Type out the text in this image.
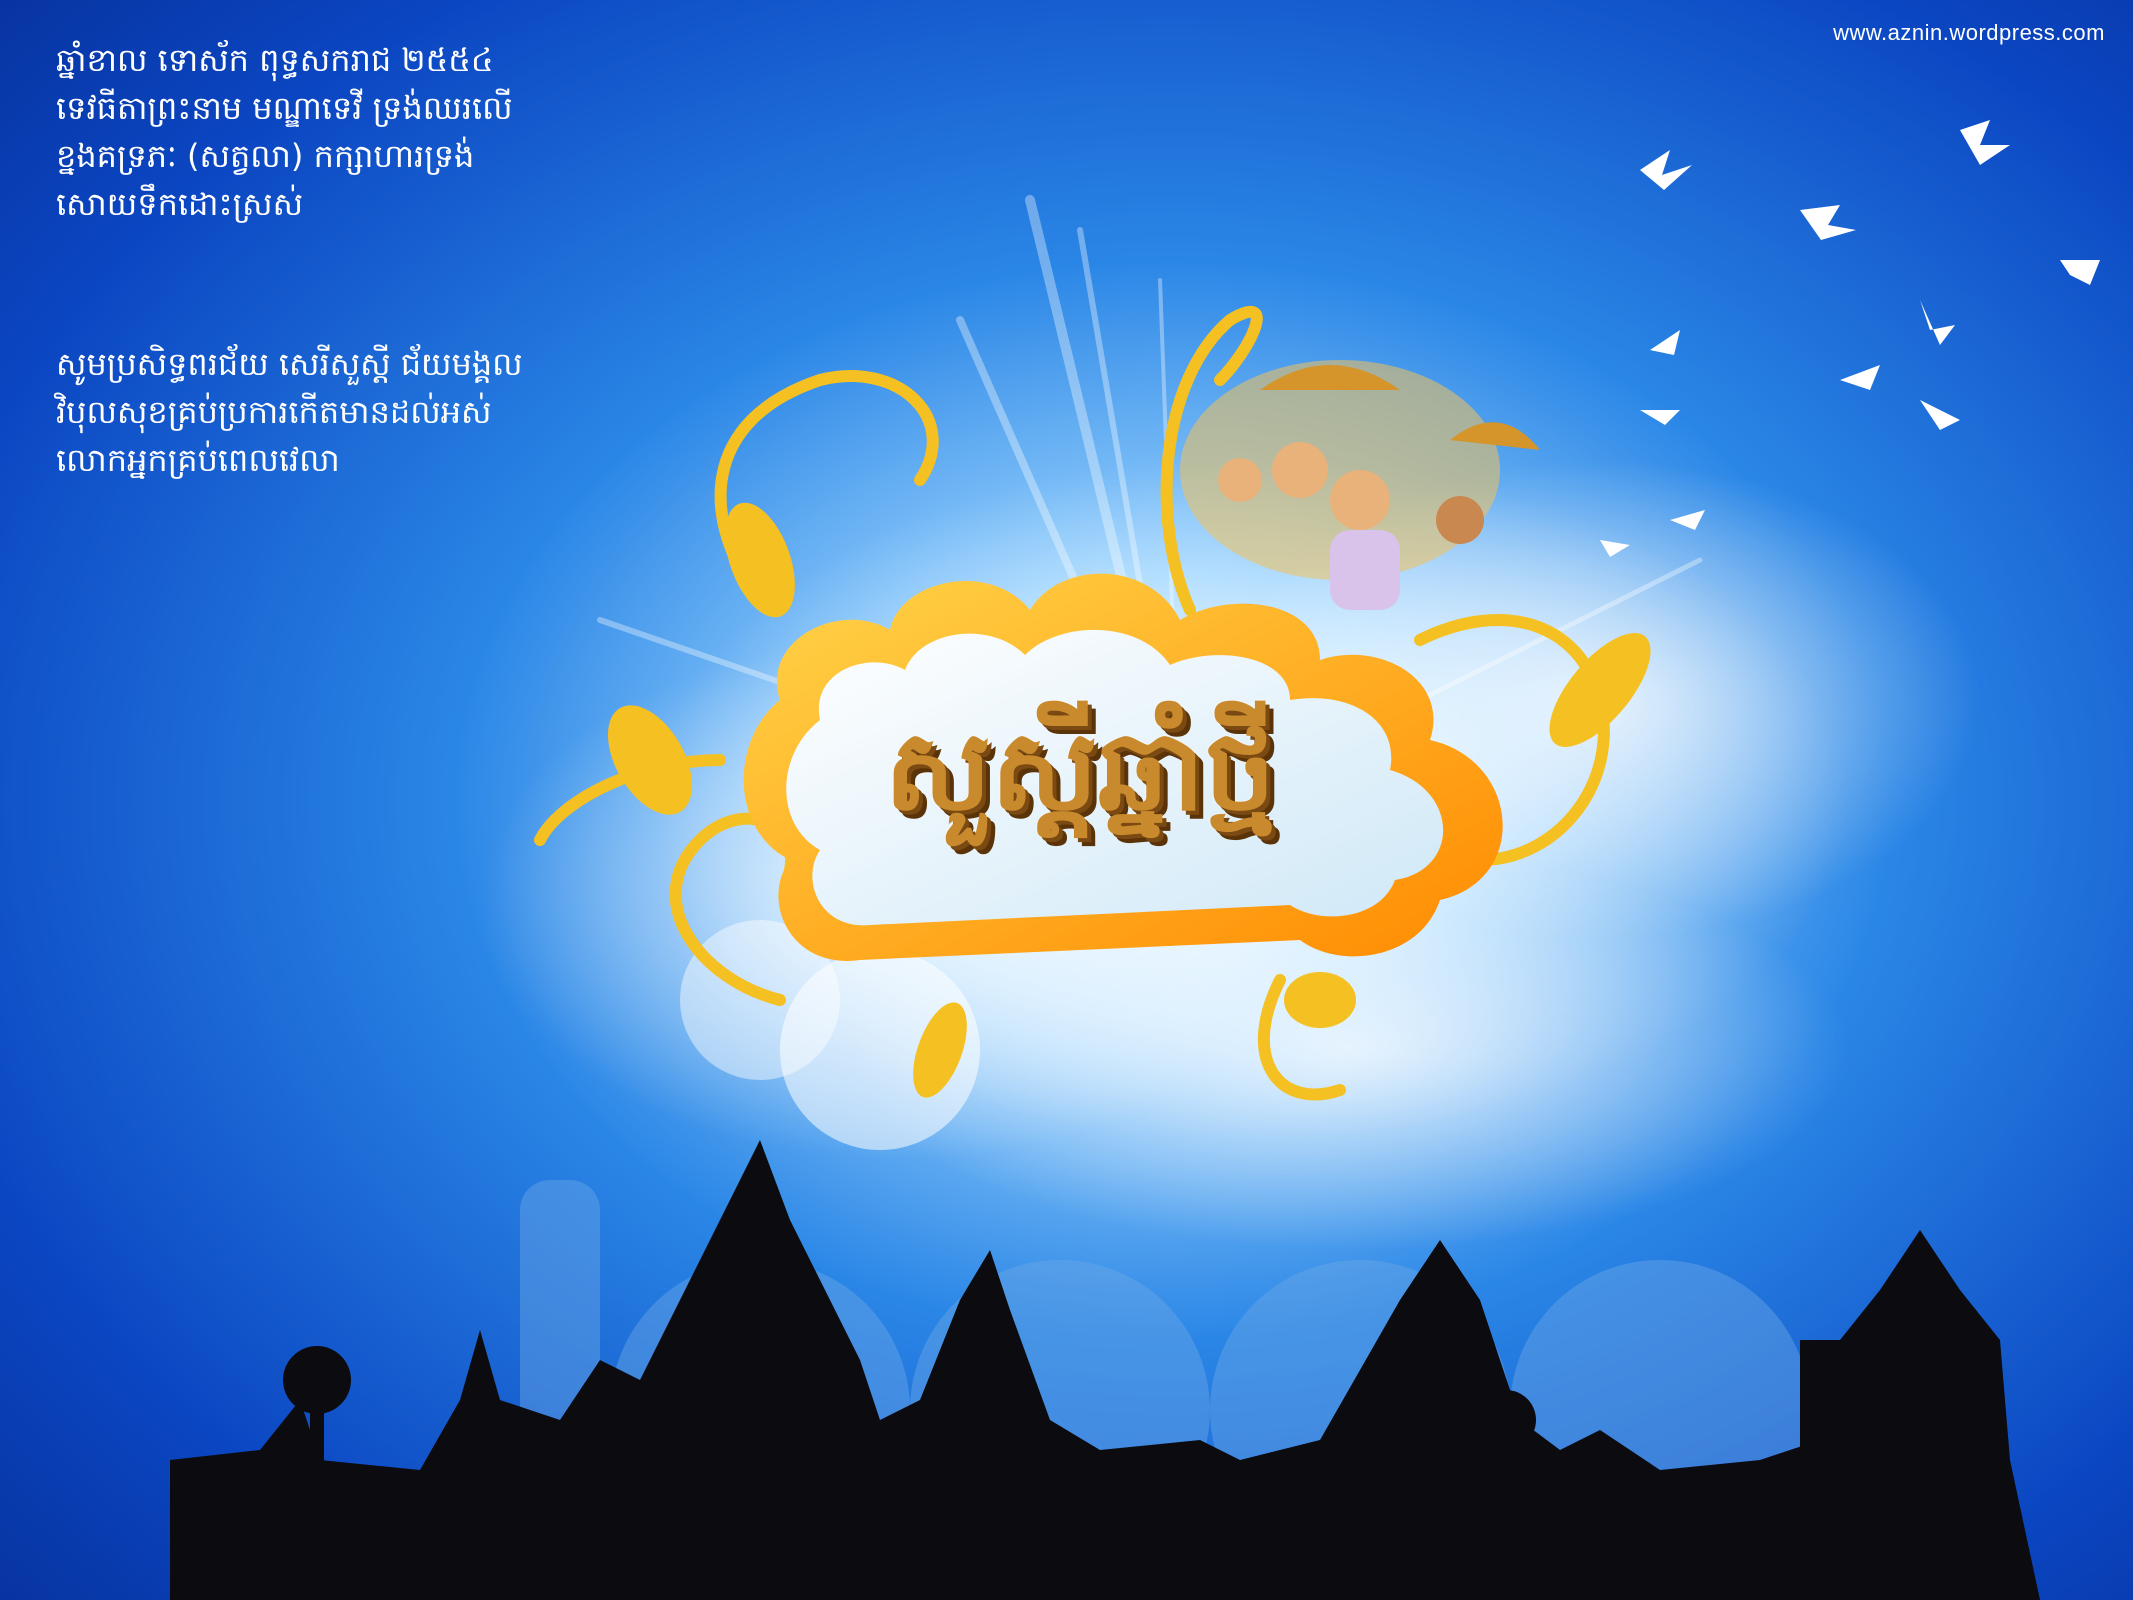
www.aznin.wordpress.com
ឆ្នាំខាល ទោស័ក ពុទ្ធសករាជ ២៥៥៤
ទេវធីតាព្រះនាម មណ្ឌាទេវី ទ្រង់ឈរលើ
ខ្នងគទ្រភៈ (សត្វលា) កក្សាហារទ្រង់
សោយទឹកដោះស្រស់
សូមប្រសិទ្ធពរជ័យ សេរីសួស្តី ជ័យមង្គល
វិបុលសុខគ្រប់ប្រការកើតមានដល់អស់
លោកអ្នកគ្រប់ពេលវេលា
សួស្តីឆ្នាំថ្មី
